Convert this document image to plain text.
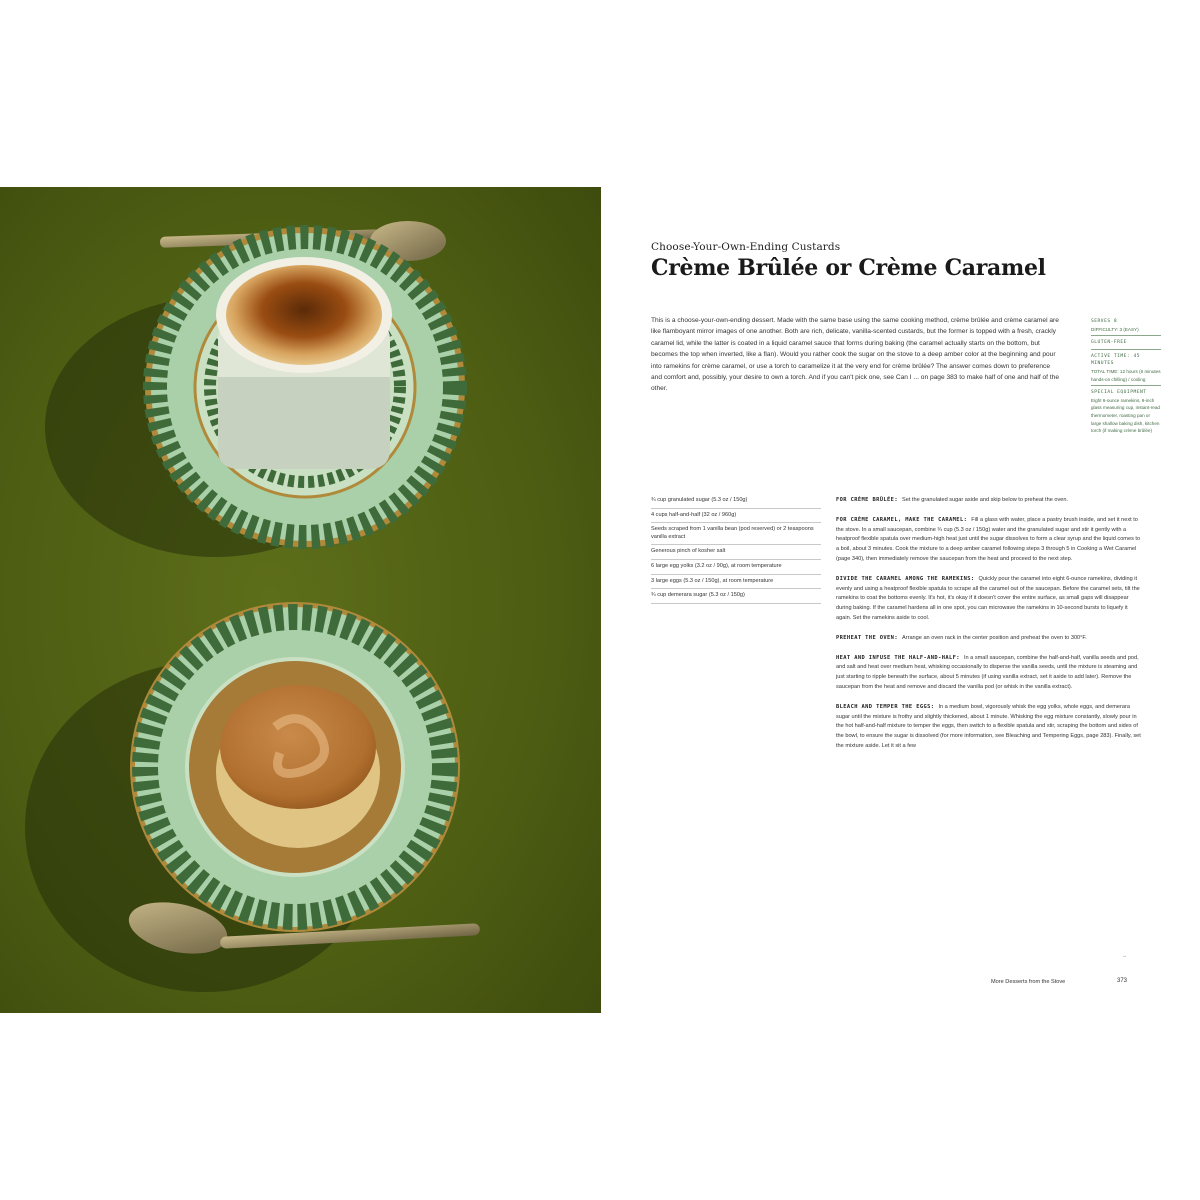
Choose-Your-Own-Ending Custards
Crème Brûlée or Crème Caramel
This is a choose-your-own-ending dessert. Made with the same base using the same cooking method, crème brûlée and crème caramel are like flamboyant mirror images of one another. Both are rich, delicate, vanilla-scented custards, but the former is topped with a fresh, crackly caramel lid, while the latter is coated in a liquid caramel sauce that forms during baking (the caramel actually starts on the bottom, but becomes the top when inverted, like a flan). Would you rather cook the sugar on the stove to a deep amber color at the beginning and pour into ramekins for crème caramel, or use a torch to caramelize it at the very end for crème brûlée? The answer comes down to preference and comfort and, possibly, your desire to own a torch. And if you can't pick one, see Can I ... on page 383 to make half of one and half of the other.
SERVES 8
DIFFICULTY: 3 (EASY)
GLUTEN-FREE
ACTIVE TIME: 45 MINUTES
TOTAL TIME: 12 hours (6 minutes hands-on chilling) / cooling
SPECIAL EQUIPMENT
Eight 6-ounce ramekins, 9-inch glass measuring cup, instant-read thermometer, roasting pan or large shallow baking dish, kitchen torch (if making crème brûlée)
¾ cup granulated sugar (5.3 oz / 150g)
4 cups half-and-half (32 oz / 960g)
Seeds scraped from 1 vanilla bean (pod reserved) or 2 teaspoons vanilla extract
Generous pinch of kosher salt
6 large egg yolks (3.2 oz / 90g), at room temperature
3 large eggs (5.3 oz / 150g), at room temperature
¾ cup demerara sugar (5.3 oz / 150g)
FOR CRÈME BRÛLÉE: Set the granulated sugar aside and skip below to preheat the oven.
FOR CRÈME CARAMEL, MAKE THE CARAMEL: Fill a glass with water, place a pastry brush inside, and set it next to the stove. In a small saucepan, combine ¾ cup (5.3 oz / 150g) water and the granulated sugar and stir it gently with a heatproof flexible spatula over medium-high heat just until the sugar dissolves to form a clear syrup and the liquid comes to a boil, about 3 minutes. Cook the mixture to a deep amber caramel following steps 3 through 5 in Cooking a Wet Caramel (page 340), then immediately remove the saucepan from the heat and proceed to the next step.
DIVIDE THE CARAMEL AMONG THE RAMEKINS: Quickly pour the caramel into eight 6-ounce ramekins, dividing it evenly and using a heatproof flexible spatula to scrape all the caramel out of the saucepan. Before the caramel sets, tilt the ramekins to coat the bottoms evenly. It's hot, it's okay if it doesn't cover the entire surface, as small gaps will disappear during baking. If the caramel hardens all in one spot, you can microwave the ramekins in 10-second bursts to liquefy it again. Set the ramekins aside to cool.
PREHEAT THE OVEN: Arrange an oven rack in the center position and preheat the oven to 300°F.
HEAT AND INFUSE THE HALF-AND-HALF: In a small saucepan, combine the half-and-half, vanilla seeds and pod, and salt and heat over medium heat, whisking occasionally to disperse the vanilla seeds, until the mixture is steaming and just starting to ripple beneath the surface, about 5 minutes (if using vanilla extract, set it aside to add later). Remove the saucepan from the heat and remove and discard the vanilla pod (or whisk in the vanilla extract).
BLEACH AND TEMPER THE EGGS: In a medium bowl, vigorously whisk the egg yolks, whole eggs, and demerara sugar until the mixture is frothy and slightly thickened, about 1 minute. Whisking the egg mixture constantly, slowly pour in the hot half-and-half mixture to temper the eggs, then switch to a flexible spatula and stir, scraping the bottom and sides of the bowl, to ensure the sugar is dissolved (for more information, see Bleaching and Tempering Eggs, page 283). Finally, set the mixture aside. Let it sit a few
→
More Desserts from the Stove	373
